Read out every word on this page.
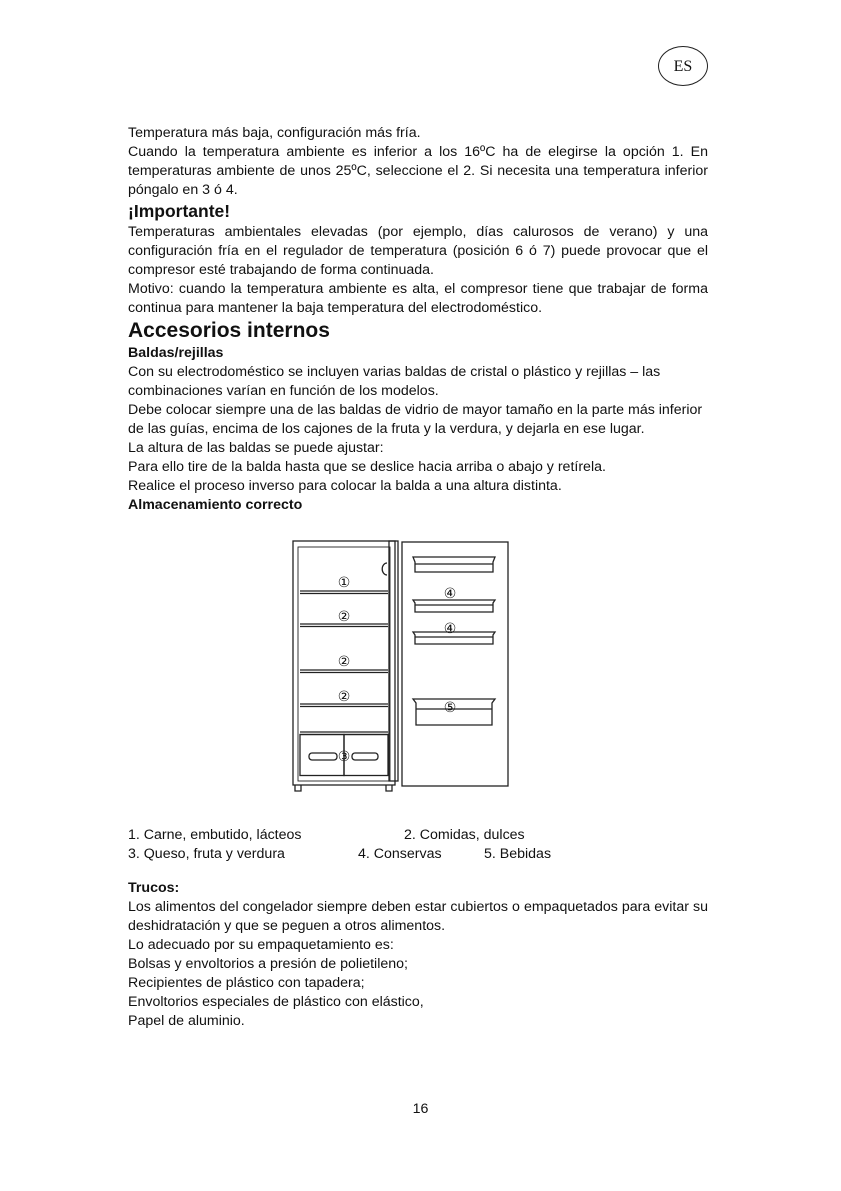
ES

Temperatura más baja, configuración más fría.

Cuando la temperatura ambiente es inferior a los 16ºC ha de elegirse la opción 1. En temperaturas ambiente de unos 25ºC, seleccione el 2. Si necesita una temperatura inferior póngalo en 3 ó 4.

¡Importante!

Temperaturas ambientales elevadas (por ejemplo, días calurosos de verano) y una configuración fría en el regulador de temperatura (posición 6 ó 7) puede provocar que el compresor esté trabajando de forma continuada.

Motivo: cuando la temperatura ambiente es alta, el compresor tiene que trabajar de forma continua para mantener la baja temperatura del electrodoméstico.

Accesorios internos
Baldas/rejillas

Con su electrodoméstico se incluyen varias baldas de cristal o plástico y rejillas – las combinaciones varían en función de los modelos.

Debe colocar siempre una de las baldas de vidrio de mayor tamaño en la parte más inferior de las guías, encima de los cajones de la fruta y la verdura, y dejarla en ese lugar.

La altura de las baldas se puede ajustar:

Para ello tire de la balda hasta que se deslice hacia arriba o abajo y retírela.

Realice el proceso inverso para colocar la balda a una altura distinta.

Almacenamiento correcto
①
②
②
②
③
④
④
⑤
1. Carne, embutido, lácteos	2. Comidas, dulces
3. Queso, fruta y verdura	4. Conservas	5. Bebidas
Trucos:

Los alimentos del congelador siempre deben estar cubiertos o empaquetados para evitar su deshidratación y que se peguen a otros alimentos.

Lo adecuado por su empaquetamiento es:

Bolsas y envoltorios a presión de polietileno;

Recipientes de plástico con tapadera;

Envoltorios especiales de plástico con elástico,

Papel de aluminio.

16
